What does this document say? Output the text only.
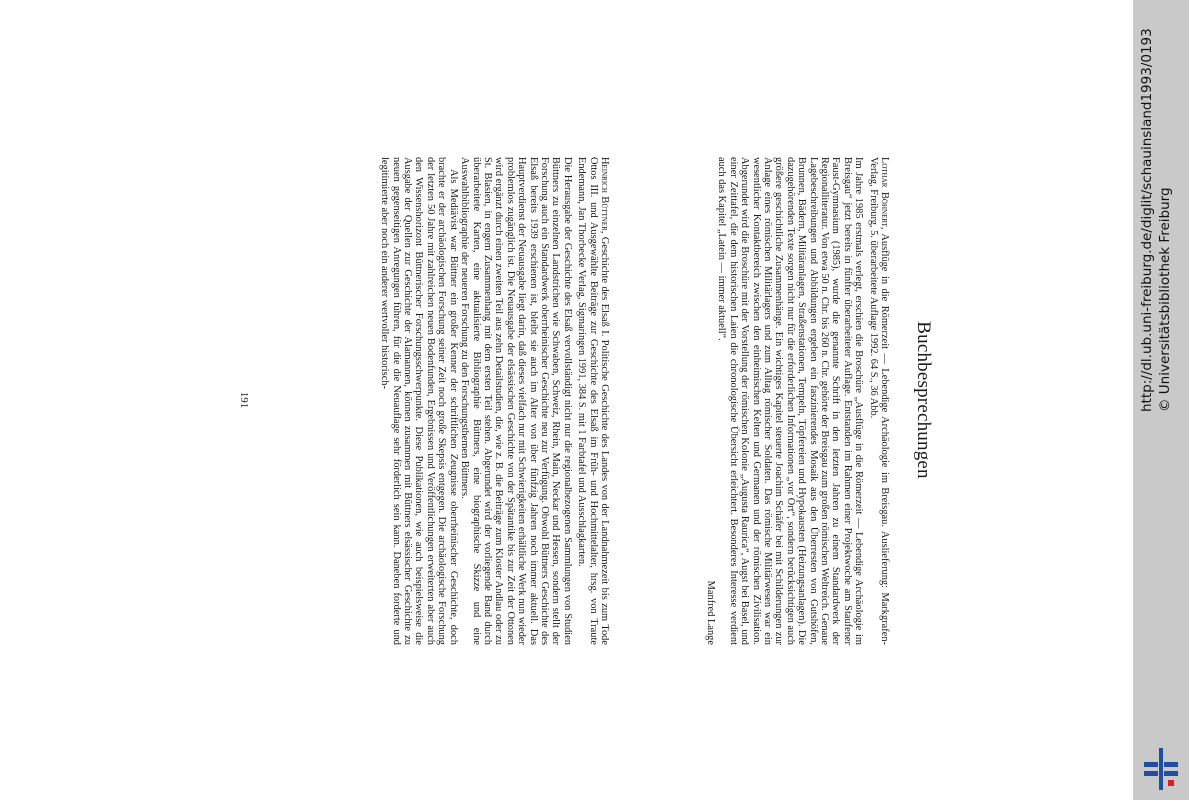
Buchbesprechungen

Lothar Böhnert, Ausflüge in die Römerzeit — Lebendige Archäologie im Breisgau. Auslieferung: Markgrafen-Verlag, Freiburg, 5. überarbeitete Auflage 1992. 64 S., 36 Abb.

Im Jahre 1985 erstmals verlegt, erschien die Broschüre „Ausflüge in die Römerzeit — Lebendige Archäologie im Breisgau“ jetzt bereits in fünfter überarbeiteter Auflage. Entstanden im Rahmen einer Projektwoche am Staufener Faust-Gymnasium (1985), wurde die genannte Schrift in den letzten Jahren zu einem Standardwerk der Regionalliteratur. Von etwa 50 n. Chr. bis 260 n. Chr. gehörte der Breisgau zum großen römischen Weltreich. Genaue Lagebeschreibungen und Abbildungen ergeben ein faszinierendes Mosaik aus den Überresten von Gutshöfen, Brunnen, Bädern, Militäranlagen, Straßenstationen, Tempeln, Töpfereien und Hypokausten (Heizungsanlagen). Die dazugehörenden Texte sorgen nicht nur für die erforderlichen Informationen „vor Ort“, sondern berücksichtigen auch größere geschichtliche Zusammenhänge. Ein wichtiges Kapitel steuerte Joachim Schäfer bei mit Schilderungen zur Anlage eines römischen Militärlagers und zum Alltag römischer Soldaten. Das römische Militärwesen war ein wesentlicher Kontaktbereich zwischen den einheimischen Kelten und Germanen und der römischen Zivilisation. Abgerundet wird die Broschüre mit der Vorstellung der römischen Kolonie „Augusta Raurica“, Augst bei Basel, und einer Zeittafel, die dem historischen Laien die chronologische Übersicht erleichtert. Besonderes Interesse verdient auch das Kapitel „Latein — immer aktuell“.

Manfred Lange

Heinrich Büttner, Geschichte des Elsaß I. Politische Geschichte des Landes von der Landnahmezeit bis zum Tode Ottos III. und Ausgewählte Beiträge zur Geschichte des Elsaß im Früh- und Hochmittelalter, hrsg. von Traute Endemann, Jan Thorbecke Verlag, Sigmaringen 1991, 384 S. mit 1 Farbtafel und Ausschlagkarten.

Die Herausgabe der Geschichte des Elsaß vervollständigt nicht nur die regionalbezogenen Sammlungen von Studien Büttners zu einzelnen Landstrichen wie Schwaben, Schweiz, Rhein, Main, Neckar und Hessen, sondern stellt der Forschung auch ein Standardwerk oberrheinischer Geschichte neu zur Verfügung. Obwohl Büttners Geschichte des Elsaß bereits 1939 erschienen ist, bleibt sie auch im Alter von über fünfzig Jahren noch immer aktuell. Das Hauptverdienst der Neuausgabe liegt darin, daß dieses vielfach nur mit Schwierigkeiten erhältliche Werk nun wieder problemlos zugänglich ist. Die Neuausgabe der elsässischen Geschichte von der Spätantike bis zur Zeit der Ottonen wird ergänzt durch einen zweiten Teil aus zehn Detailstudien, die, wie z. B. die Beiträge zum Kloster Andlau oder zu St. Blasien, in engem Zusammenhang mit dem ersten Teil stehen. Abgerundet wird der vorliegende Band durch überarbeitete Karten, eine aktualisierte Bibliographie Büttners, eine biographische Skizze und eine Auswahlbibliographie der neueren Forschung zu den Forschungsthemen Büttners.

Als Mediävist war Büttner ein großer Kenner der schriftlichen Zeugnisse oberrheinischer Geschichte, doch brachte er der archäologischen Forschung seiner Zeit noch große Skepsis entgegen. Die archäologische Forschung der letzten 50 Jahre mit zahlreichen neuen Bodenfunden, Ergebnissen und Veröffentlichungen erweiterten aber auch den Wissenshorizont Büttnerischer Forschungsschwerpunkte. Diese Publikationen, wie auch beispielsweise die Ausgabe der Quellen zur Geschichte der Alamannen, können zusammen mit Büttners elsässischer Geschichte zu neuen gegenseitigen Anregungen führen, für die die Neuauflage sehr förderlich sein kann. Daneben forderte und legitimierte aber noch ein anderer wertvoller historisch-

191	http://dl.ub.uni-freiburg.de/diglit/schauinsland1993/0193 © Universitätsbibliothek Freiburg
